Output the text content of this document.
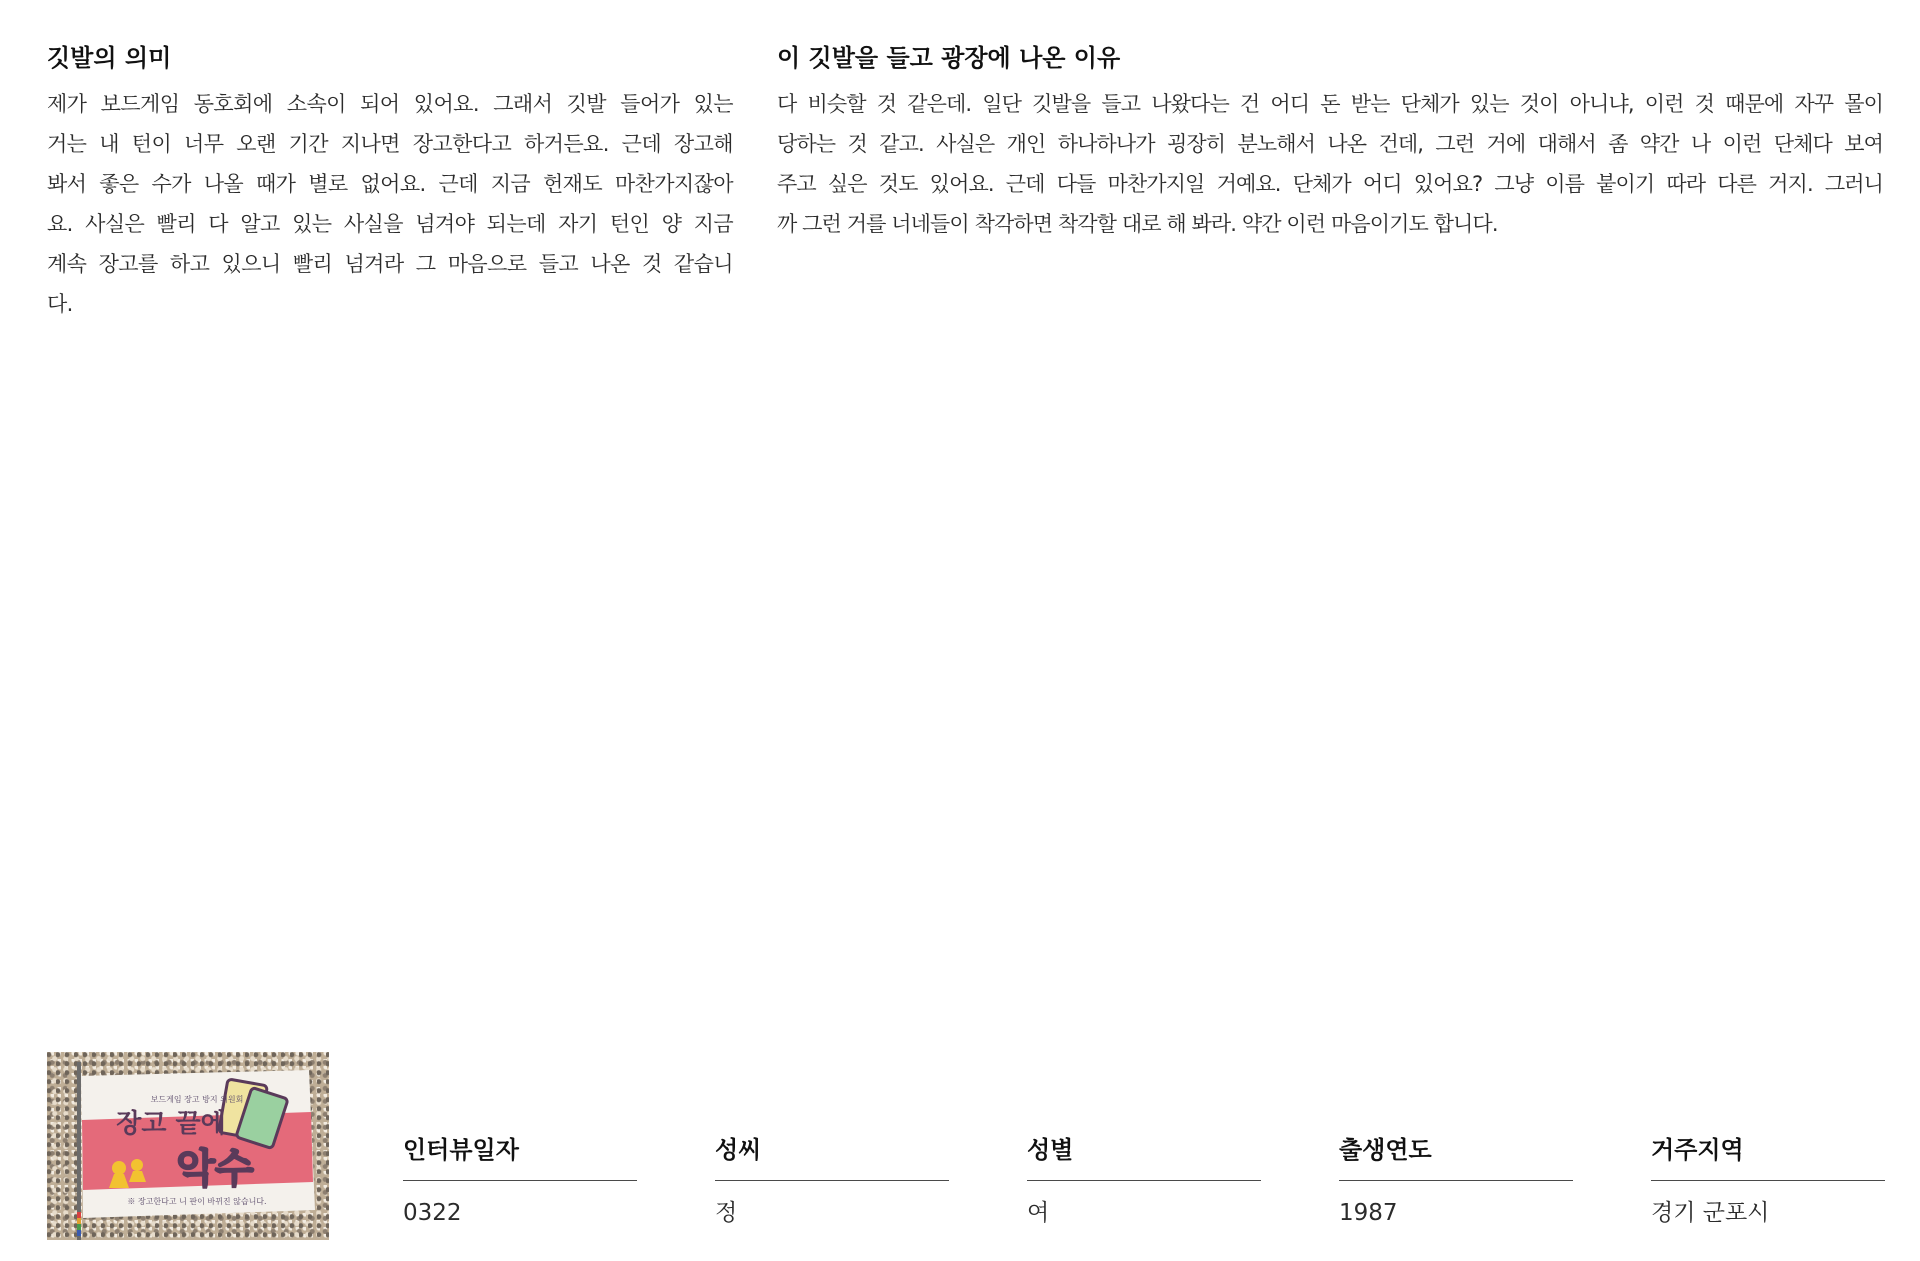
깃발의 의미

제가 보드게임 동호회에 소속이 되어 있어요. 그래서 깃발 들어가 있는
거는 내 턴이 너무 오랜 기간 지나면 장고한다고 하거든요. 근데 장고해
봐서 좋은 수가 나올 때가 별로 없어요. 근데 지금 헌재도 마찬가지잖아
요. 사실은 빨리 다 알고 있는 사실을 넘겨야 되는데 자기 턴인 양 지금
계속 장고를 하고 있으니 빨리 넘겨라 그 마음으로 들고 나온 것 같습니
다.

이 깃발을 들고 광장에 나온 이유

다 비슷할 것 같은데. 일단 깃발을 들고 나왔다는 건 어디 돈 받는 단체가 있는 것이 아니냐, 이런 것 때문에 자꾸 몰이
당하는 것 같고. 사실은 개인 하나하나가 굉장히 분노해서 나온 건데, 그런 거에 대해서 좀 약간 나 이런 단체다 보여
주고 싶은 것도 있어요. 근데 다들 마찬가지일 거예요. 단체가 어디 있어요? 그냥 이름 붙이기 따라 다른 거지. 그러니
까 그런 거를 너네들이 착각하면 착각할 대로 해 봐라. 약간 이런 마음이기도 합니다.

보드게임 장고 방지 위원회
장고 끝에
악수
※ 장고한다고 니 판이 바뀌진 않습니다.
인터뷰일자
0322
성씨
정
성별
여
출생연도
1987
거주지역
경기 군포시
